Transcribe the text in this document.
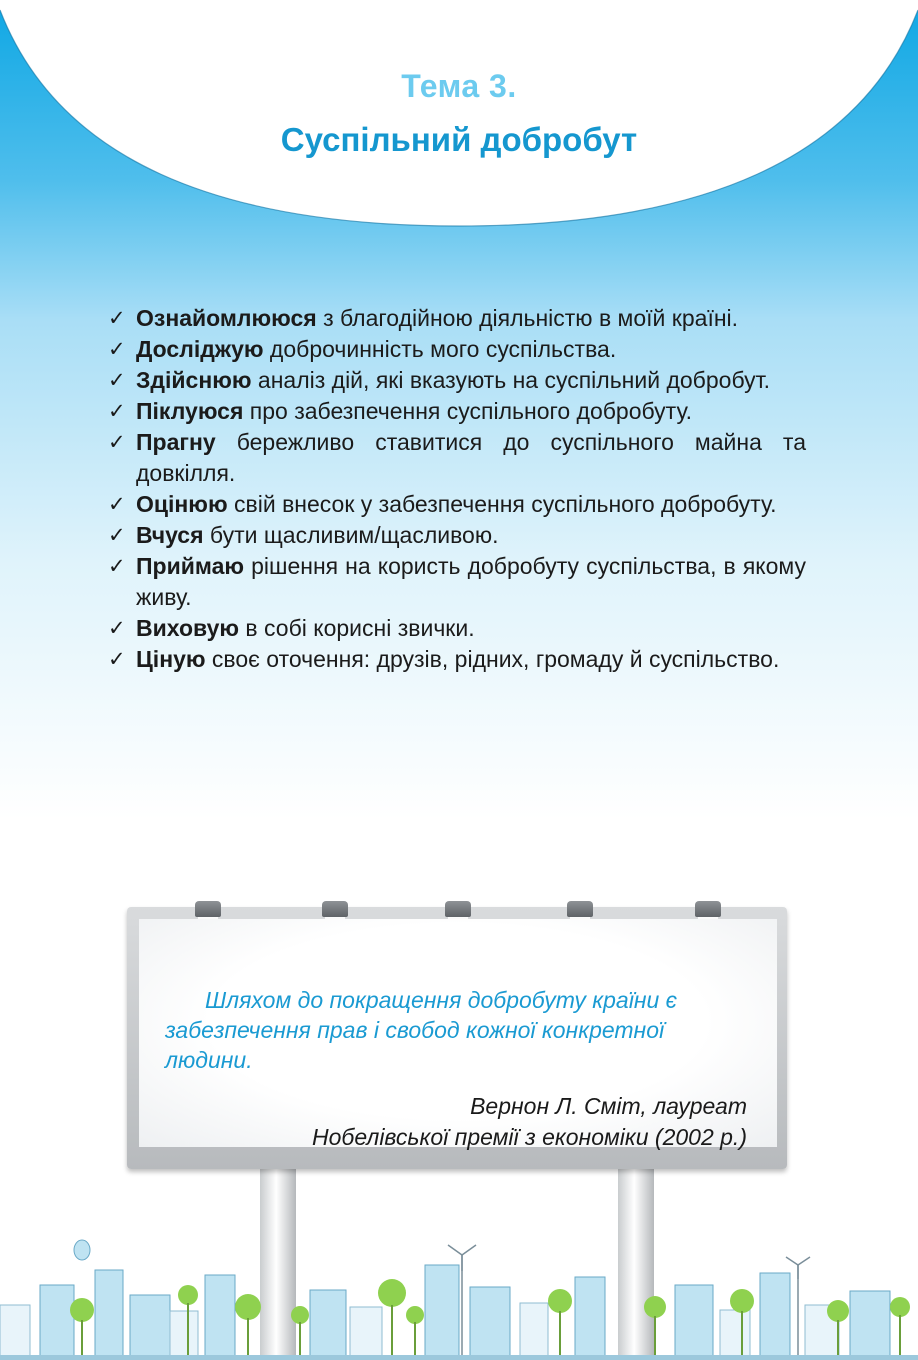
Тема 3.
Суспільний добробут
✓ Ознайомлююся з благодійною діяльністю в моїй країні.
✓ Досліджую доброчинність мого суспільства.
✓ Здійснюю аналіз дій, які вказують на суспільний добробут.
✓ Піклуюся про забезпечення суспільного добробуту.
✓ Прагну бережливо ставитися до суспільного майна та довкілля.
✓ Оцінюю свій внесок у забезпечення суспільного добробуту.
✓ Вчуся бути щасливим/щасливою.
✓ Приймаю рішення на користь добробуту суспільства, в якому живу.
✓ Виховую в собі корисні звички.
✓ Ціную своє оточення: друзів, рідних, громаду й суспільство.
Шляхом до покращення добробуту країни є забезпечення прав і свобод кожної конкретної людини.
Вернон Л. Сміт, лауреат
Нобелівської премії з економіки (2002 р.)
